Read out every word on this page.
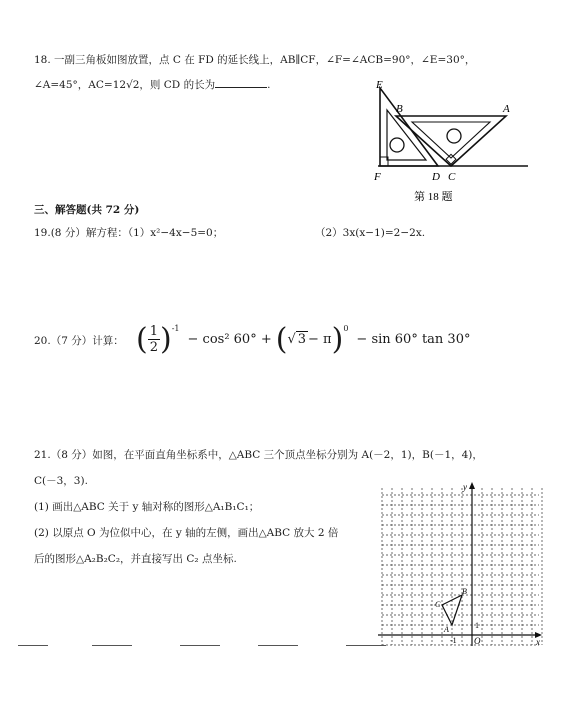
18. 一副三角板如图放置，点 C 在 FD 的延长线上，AB∥CF，∠F=∠ACB=90°，∠E=30°，
∠A=45°，AC=12√2，则 CD 的长为	.	E
B	A
F	D C
第 18 题
三、解答题(共 72 分)
19.(8 分）解方程：（1）x²−4x−5=0；	（2）3x(x−1)=2−2x.
20.（7 分）计算： ( $\frac{1}{2}$ ) -1
− cos² 60° + ( √ 3 − π ) 0
− sin 60° tan 30°
21.（8 分）如图，在平面直角坐标系中，△ABC 三个顶点坐标分别为 A(－2，1)，B(－1，4)，
C(－3，3).
(1) 画出△ABC 关于 y 轴对称的图形△A₁B₁C₁；
(2) 以原点 O 为位似中心，在 y 轴的左侧，画出△ABC 放大 2 倍
后的图形△A₂B₂C₂，并直接写出 C₂ 点坐标.
y
x
O
-1
1
A
B
C
